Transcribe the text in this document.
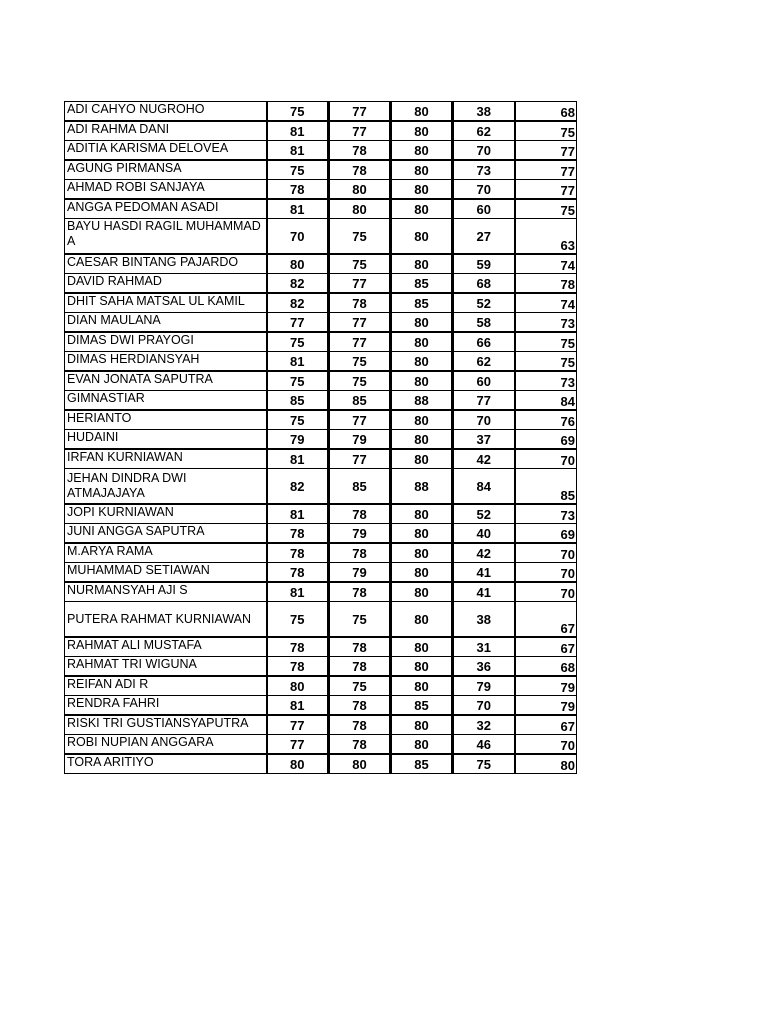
ADI CAHYO NUGROHO	75	77	80	38	68
ADI RAHMA DANI	81	77	80	62	75
ADITIA KARISMA DELOVEA	81	78	80	70	77
AGUNG PIRMANSA	75	78	80	73	77
AHMAD ROBI SANJAYA	78	80	80	70	77
ANGGA PEDOMAN ASADI	81	80	80	60	75
BAYU HASDI RAGIL MUHAMMAD A	70	75	80	27	63
CAESAR BINTANG PAJARDO	80	75	80	59	74
DAVID RAHMAD	82	77	85	68	78
DHIT SAHA MATSAL UL KAMIL	82	78	85	52	74
DIAN MAULANA	77	77	80	58	73
DIMAS DWI PRAYOGI	75	77	80	66	75
DIMAS HERDIANSYAH	81	75	80	62	75
EVAN JONATA SAPUTRA	75	75	80	60	73
GIMNASTIAR	85	85	88	77	84
HERIANTO	75	77	80	70	76
HUDAINI	79	79	80	37	69
IRFAN KURNIAWAN	81	77	80	42	70
JEHAN DINDRA DWI ATMAJAJAYA	82	85	88	84	85
JOPI KURNIAWAN	81	78	80	52	73
JUNI ANGGA SAPUTRA	78	79	80	40	69
M.ARYA RAMA	78	78	80	42	70
MUHAMMAD SETIAWAN	78	79	80	41	70
NURMANSYAH AJI S	81	78	80	41	70
PUTERA RAHMAT KURNIAWAN	75	75	80	38	67
RAHMAT ALI MUSTAFA	78	78	80	31	67
RAHMAT TRI WIGUNA	78	78	80	36	68
REIFAN ADI R	80	75	80	79	79
RENDRA FAHRI	81	78	85	70	79
RISKI TRI GUSTIANSYAPUTRA	77	78	80	32	67
ROBI NUPIAN ANGGARA	77	78	80	46	70
TORA ARITIYO	80	80	85	75	80
